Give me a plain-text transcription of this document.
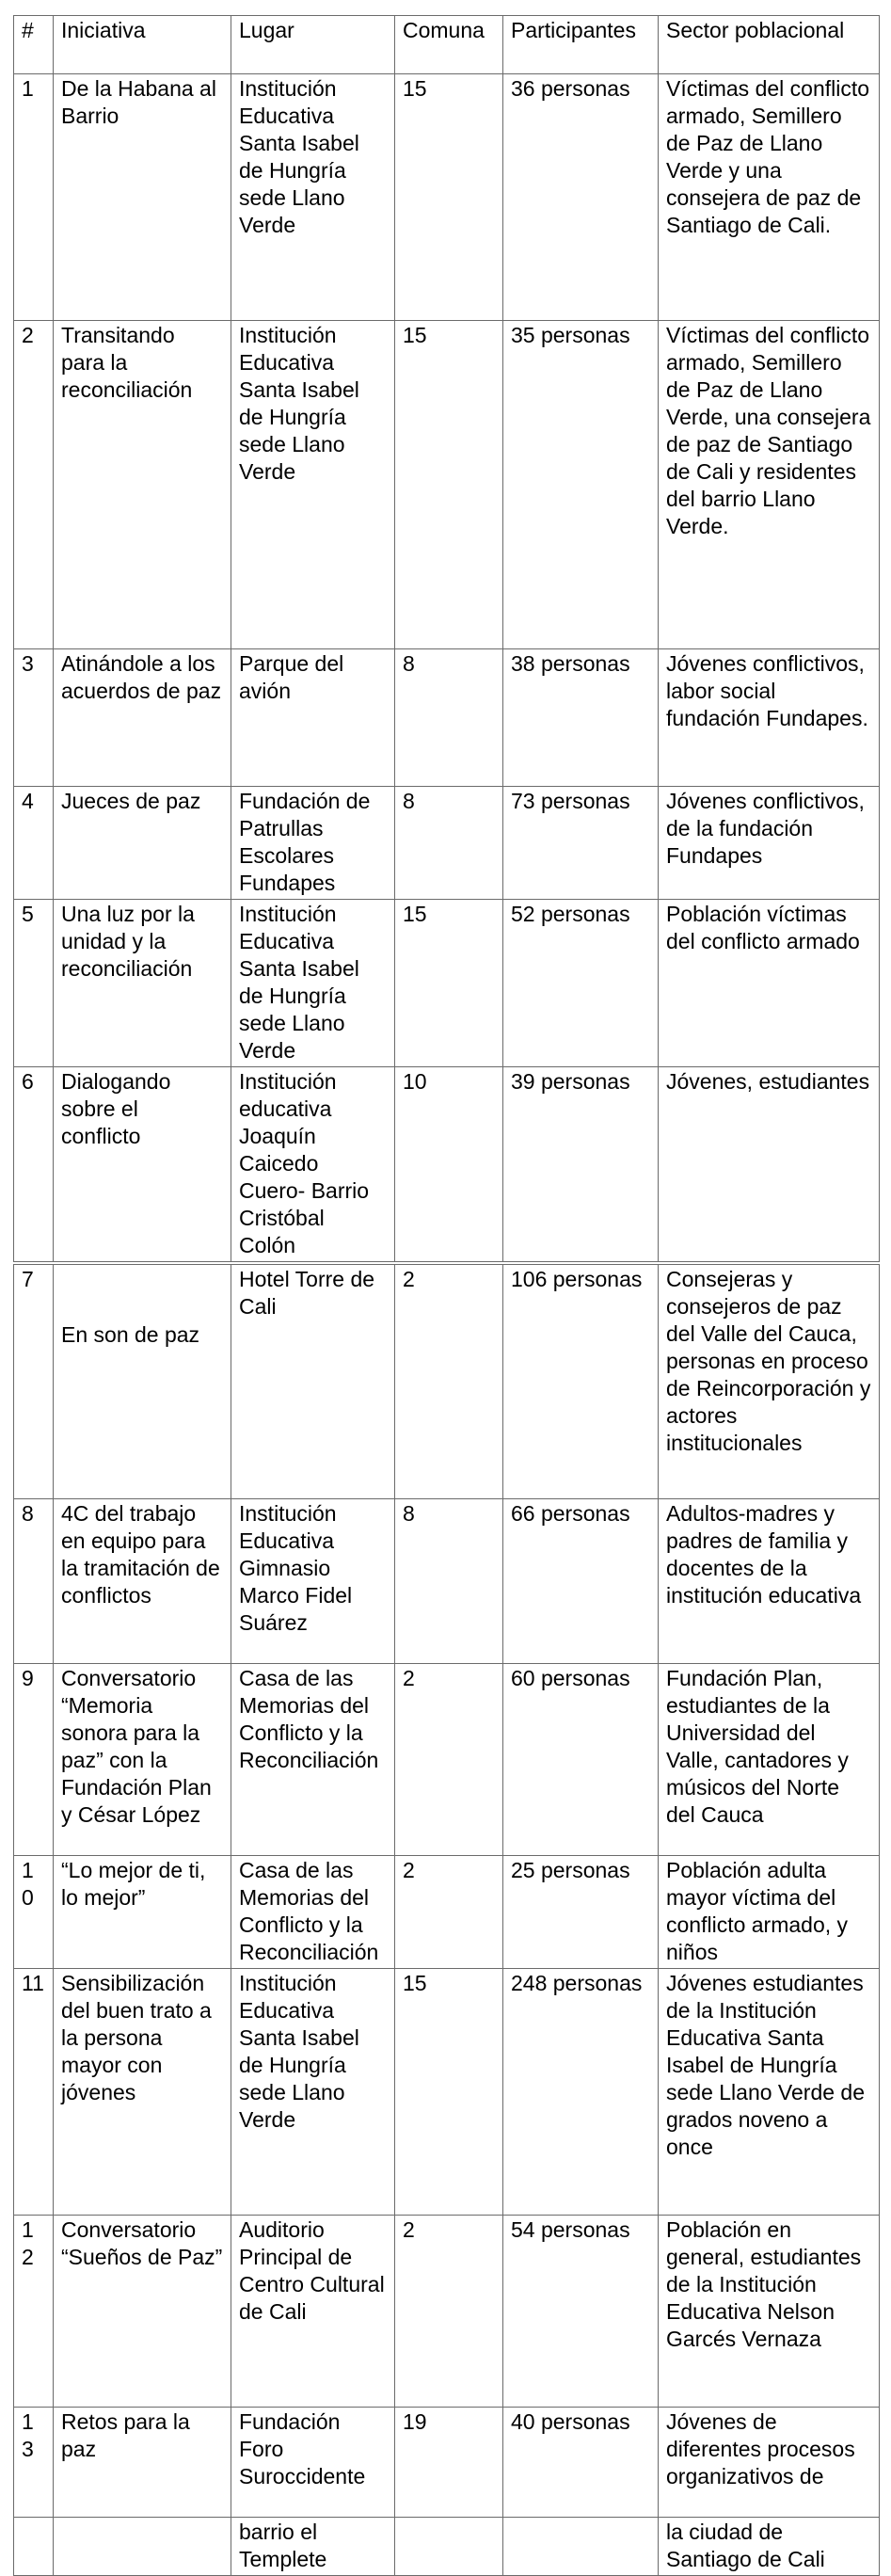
#	Iniciativa	Lugar	Comuna	Participantes	Sector poblacional
1	De la Habana al Barrio	Institución Educativa Santa Isabel de Hungría sede Llano Verde	15	36 personas	Víctimas del conflicto armado, Semillero de Paz de Llano Verde y una consejera de paz de Santiago de Cali.
2	Transitando para la reconciliación	Institución Educativa Santa Isabel de Hungría sede Llano Verde	15	35 personas	Víctimas del conflicto armado, Semillero de Paz de Llano Verde, una consejera de paz de Santiago de Cali y residentes del barrio Llano Verde.
3	Atinándole a los acuerdos de paz	Parque del avión	8	38 personas	Jóvenes conflictivos, labor social fundación Fundapes.
4	Jueces de paz	Fundación de Patrullas Escolares Fundapes	8	73 personas	Jóvenes conflictivos, de la fundación Fundapes
5	Una luz por la unidad y la reconciliación	Institución Educativa Santa Isabel de Hungría sede Llano Verde	15	52 personas	Población víctimas del conflicto armado
6	Dialogando sobre el conflicto	Institución educativa Joaquín Caicedo Cuero- Barrio Cristóbal Colón	10	39 personas	Jóvenes, estudiantes
7	En son de paz	Hotel Torre de Cali	2	106 personas	Consejeras y consejeros de paz del Valle del Cauca, personas en proceso de Reincorporación y actores institucionales
8	4C del trabajo en equipo para la tramitación de conflictos	Institución Educativa Gimnasio Marco Fidel Suárez	8	66 personas	Adultos-madres y padres de familia y docentes de la institución educativa
9	Conversatorio “Memoria sonora para la paz” con la Fundación Plan y César López	Casa de las Memorias del Conflicto y la Reconciliación	2	60 personas	Fundación Plan, estudiantes de la Universidad del Valle, cantadores y músicos del Norte del Cauca
10	“Lo mejor de ti, lo mejor”	Casa de las Memorias del Conflicto y la Reconciliación	2	25 personas	Población adulta mayor víctima del conflicto armado, y niños
11	Sensibilización del buen trato a la persona mayor con jóvenes	Institución Educativa Santa Isabel de Hungría sede Llano Verde	15	248 personas	Jóvenes estudiantes de la Institución Educativa Santa Isabel de Hungría sede Llano Verde de grados noveno a once
12	Conversatorio “Sueños de Paz”	Auditorio Principal de Centro Cultural de Cali	2	54 personas	Población en general, estudiantes de la Institución Educativa Nelson Garcés Vernaza
13	Retos para la paz	Fundación Foro Suroccidente	19	40 personas	Jóvenes de diferentes procesos organizativos de
		barrio el Templete			la ciudad de Santiago de Cali
